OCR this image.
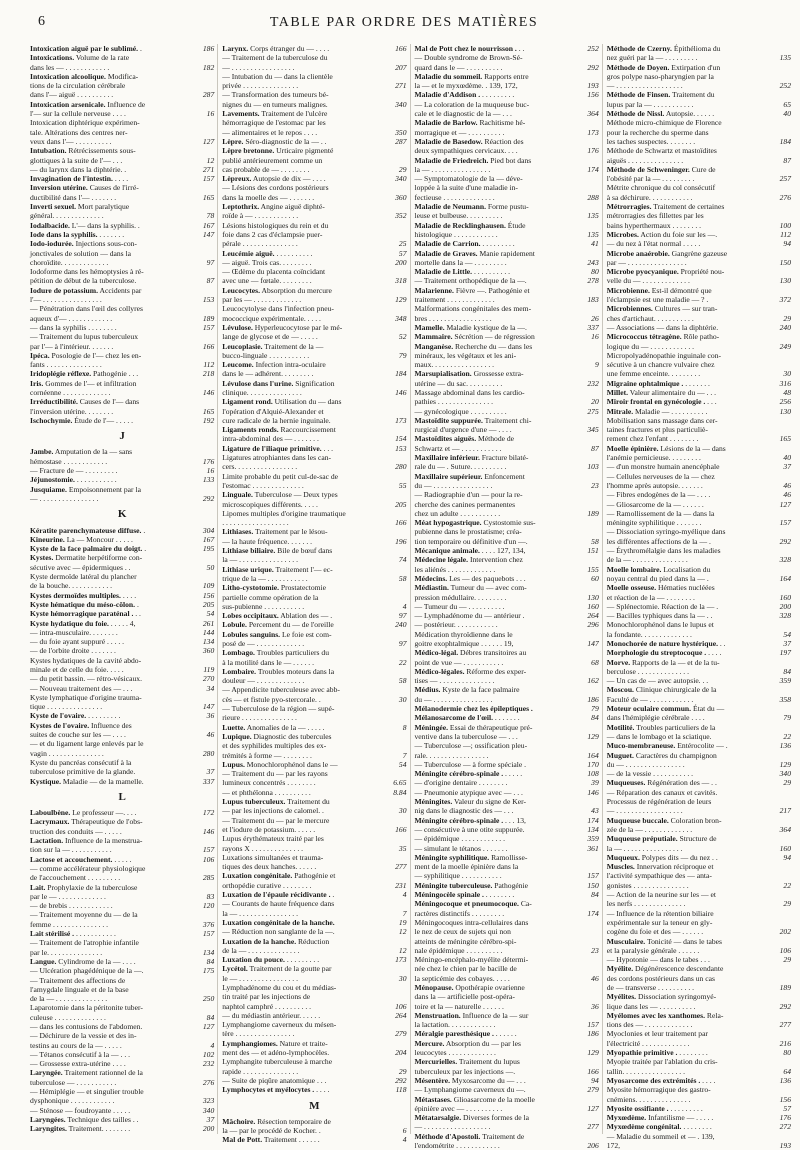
6	TABLE PAR ORDRE DES MATIÈRES
Intoxication aiguë par le sublimé. .	186
Intoxications. Volume de la rate
dans les — . . . . . . . . . . . .	182
Intoxication alcoolique. Modifica-
tions de la circulation cérébrale
dans l'— aiguë . . . . . . . . . .	287
Intoxication arsenicale. Influence de
l'— sur la cellule nerveuse . . . .	16
Intoxication diphtérique expérimen-
tale. Altérations des centres ner-
veux dans l'— . . . . . . . . . .	127
Intubation. Rétrécissements sous-
glottiques à la suite de l'— . . .	12
— du larynx dans la diphtérie. .	271
Invagination de l'intestin. . . . .	157
Inversion utérine. Causes de l'irré-
ductibilité dans l'— . . . . . . .	165
Inverti sexuel. Mort paralytique
général. . . . . . . . . . . . . .	78
Iodalbacide. L'— dans la syphilis. .	167
Iode dans la syphilis. . . . . . . .	147
Iodo-iodurée. Injections sous-con-
jonctivales de solution — dans la
choroïdite. . . . . . . . . . . . .	97
Iodoforme dans les hémoptysies à ré-
pétition de début de la tuberculose.	87
Iodure de potassium. Accidents par
l'— . . . . . . . . . . . . . . . .	153
— Pénétration dans l'œil des collyres
aqueux d'— . . . . . . . . . . . .	189
— dans la syphilis . . . . . . . .	157
— Traitement du lupus tuberculeux
par l'— à l'intérieur. . . . . . .	166
Ipéca. Posologie de l'— chez les en-
fants . . . . . . . . . . . . . . .	112
Iridoplégie réflexe. Pathogénie . . .	218
Iris. Gommes de l'— et infiltration
cornéenne . . . . . . . . . . . . .	146
Irréductibilité. Causes de l'— dans
l'inversion utérine. . . . . . . .	165
Ischochymie. Étude de l'— . . . . .	192
J
Jambe. Amputation de la — sans
hémostase . . . . . . . . . . . .	176
— Fracture de — . . . . . . . . .	16
Jéjunostomie. . . . . . . . . . . .	133
Jusquiame. Empoisonnement par la
— . . . . . . . . . . . . . . . .	292
K
Kératite parenchymateuse diffuse. .	304
Kineurine. La — Moncour . . . . .	167
Kyste de la face palmaire du doigt. .	195
Kystes. Dermatite herpétiforme con-
sécutive avec — épidermiques . .	50
Kyste dermoïde latéral du plancher
de la bouche. . . . . . . . . . . .	109
Kystes dermoïdes multiples. . . . .	156
Kyste hématique du méso-côlon. .	205
Kyste hémorragique paraténal . . .	54
Kyste hydatique du foie. . . . . . 4,	261
— intra-musculaire. . . . . . . .	144
— du foie ayant suppuré . . . . .	134
— de l'orbite droite . . . . . . .	360
Kystes hydatiques de la cavité abdo-
minale et de celle du foie. . . . .	119
— du petit bassin. — rétro-vésicaux.	270
— Nouveau traitement des — . . .	34
Kyste lymphatique d'origine trauma-
tique . . . . . . . . . . . . . . .	147
Kyste de l'ovaire. . . . . . . . . .	36
Kystes de l'ovaire. Influence des
suites de couche sur les — . . . .	46
— et du ligament large enlevés par le
vagin . . . . . . . . . . . . . . .	280
Kyste du pancréas consécutif à la
tuberculose primitive de la glande.	37
Kystique. Maladie — de la mamelle.	337
L
Laboulbène. Le professeur —. . . .	172
Lacrymaux. Thérapeutique de l'obs-
truction des conduits — . . . . .	146
Lactation. Influence de la menstrua-
tion sur la — . . . . . . . . . . .	157
Lactose et accouchement. . . . . .	106
— comme accélérateur physiologique
de l'accouchement . . . . . . . . .	285
Lait. Prophylaxie de la tuberculose
par le — . . . . . . . . . . . . .	83
— de brebis . . . . . . . . . . . .	120
— Traitement moyenne du — de la
femme . . . . . . . . . . . . . . .	376
Lait stérilisé . . . . . . . . . . . .	157
— Traitement de l'atrophie infantile
par le. . . . . . . . . . . . . . .	134
Langue. Cylindrome de la — . . . .	84
— Ulcération phagédénique de la —.	175
— Traitement des affections de
l'amygdale linguale et de la base
de la — . . . . . . . . . . . . . .	250
Laparotomie dans la péritonite tuber-
culeuse . . . . . . . . . . . . . .	84
— dans les contusions de l'abdomen.	127
— Déchirure de la vessie et des in-
testins au cours de la — . . . . .	4
— Tétanos consécutif à la — . . .	102
— Grossesse extra-utérine . . . .	232
Laryngée. Traitement rationnel de la
tuberculose — . . . . . . . . . . .	276
— Hémiplégie — et singulier trouble
dysphonique . . . . . . . . . . . .	323
— Sténose — foudroyante . . . . .	340
Laryngées. Technique des tailles . .	37
Laryngites. Traitement. . . . . . . .	200
Larynx. Corps étranger du — . . . .	166
— Traitement de la tuberculose du
— . . . . . . . . . . . . . . . . .	207
— Intubation du — dans la clientèle
privée . . . . . . . . . . . . . . .	271
— Transformation des tumeurs bé-
nignes du — en tumeurs malignes.	340
Lavements. Traitement de l'ulcère
hémorragique de l'estomac par les
— alimentaires et le repos . . . .	350
Lèpre. Séro-diagnostic de la — . .	287
Lèpre bretonne. Urticaire pigmenté
publié antérieurement comme un
cas probable de — . . . . . . . .	29
Lèpreux. Autopsie de dix — . . . .	340
— Lésions des cordons postérieurs
dans la moelle des — . . . . . . .	360
Leptothrix. Angine aiguë diphté-
roïde à — . . . . . . . . . . . .	352
Lésions histologiques du rein et du
foie dans 2 cas d'éclampsie puer-
pérale . . . . . . . . . . . . . . .	25
Leucémie aiguë. . . . . . . . . . .	57
— aiguë. Trois cas. . . . . . . . .	200
— Œdème du placenta coïncidant
avec une — fœtale. . . . . . . . .	318
Leucocytes. Absorption du mercure
par les — . . . . . . . . . . . . .	129
Leucocytolyse dans l'infection pneu-
mococcique expérimentale. . . . .	348
Lévulose. Hyperleucocytose par le mé-
lange de glycose et de — . . . . .	52
Leucoplasie. Traitement de la —
bucco-linguale . . . . . . . . . . .	79
Leucome. Infection intra-oculaire
dans le — adhérent. . . . . . . . .	184
Lévulose dans l'urine. Signification
clinique. . . . . . . . . . . . . . .	146
Ligament rond. Utilisation du — dans
l'opération d'Alquié-Alexander et
cure radicale de la hernie inguinale.	173
Ligaments ronds. Raccourcissement
intra-abdominal des — . . . . . . .	154
Ligature de l'iliaque primitive. . . .	153
Ligatures atrophiantes dans les can-
cers. . . . . . . . . . . . . . . . .	280
Limite probable du petit cul-de-sac de
l'estomac . . . . . . . . . . . . . .	55
Linguale. Tuberculose — Deux types
microscopiques différents. . . . .	205
Lipomes multiples d'origine traumatique
. . . . . . . . . . . . . . . . . .	166
Lithiases. Traitement par le lésou-
— la haute fréquence. . . . . . .	196
Lithiase biliaire. Bile de bœuf dans
la — . . . . . . . . . . . . . . . .	74
Lithiase urique. Traitement l'— ec-
trique de la — . . . . . . . . . . .	58
Litho-cystotomie. Prostatectomie
partielle comme opération de la
sus-pubienne . . . . . . . . . . .	4
Lobes occipitaux. Ablation des — .	97
Lobule. Percement du — de l'oreille	240
Lobules sanguins. Le foie est com-
posé de — . . . . . . . . . . . . .	97
Lombago. Troubles particuliers du
à la motilité dans le — . . . . . .	22
Lombaire. Troubles moteurs dans la
douleur — . . . . . . . . . . . . .	58
— Appendicite tuberculeuse avec abb-
cès — et fistule pyo-stercorale. .	30
— Tuberculose de la région — supé-
rieure . . . . . . . . . . . . . . .
Luette. Anomalies de la — . . . . .	8
Lupique. Diagnostic des tubercules
et des syphilides multiples des ex-
trémités à forme — . . . . . . . .	7
Lupus. Monochlorophénol dans le —	54
— Traitement du — par les rayons
lumineux concentrés . . . . . . . .	6.65
— et phthéïonna . . . . . . . . . .	8.84
Lupus tuberculeux. Traitement du
— par les injections de calomel. .	30
— Traitement du — par le mercure
et l'iodure de potassium. . . . . .	166
Lupus érythémateux traité par les
rayons X . . . . . . . . . . . . . .	35
Luxations simultanées et trauma-
tiques des deux hanches. . . . . .	277
Luxation congénitale. Pathogénie et
orthopédie curative . . . . . . . .	231
Luxation de l'épaule récidivante . .	4
— Courants de haute fréquence dans
la — . . . . . . . . . . . . . . . .	7
Luxation congénitale de la hanche.	19
— Réduction non sanglante de la —.	12
Luxation de la hanche. Réduction
de la — . . . . . . . . . . . . . .	12
Luxation du pouce. . . . . . . . . .	173
Lycétol. Traitement de la goutte par
le — . . . . . . . . . . . . . . . .	30
Lymphadénome du cou et du médias-
tin traité par les injections de
naphtol camphré . . . . . . . . . .	106
— du médiastin antérieur. . . . . .	264
Lymphangiome caverneux du mésen-
tère . . . . . . . . . . . . . . . .	279
Lymphangiomes. Nature et traite-
ment des — et adéno-lymphocèles.	204
Lymphangite tuberculeuse à marche
rapide . . . . . . . . . . . . . . .	29
— Suite de piqûre anatomique . . .	292
Lymphocytes et myélocytes . . . . .	118
M
Mâchoire. Résection temporaire de
la — par le procédé de Kocher. .	6
Mal de Pott. Traitement . . . . . .	4
Mal de Pott chez le nourrisson . . .	252
— Double syndrome de Brown-Sé-
quard dans le — . . . . . . . . . .	292
Maladie du sommeil. Rapports entre
la — et le myxœdème. . 139, 172,	193
Maladie d'Addison . . . . . . . . . .	156
— La coloration de la muqueuse buc-
cale et le diagnostic de la — . . .	364
Maladie de Barlow. Rachitisme hé-
morragique et — . . . . . . . . . .	173
Maladie de Basedow. Réaction des
deux sympathiques cervicaux. . . .	176
Maladie de Friedreich. Pied bot dans
la — . . . . . . . . . . . . . . . .	174
— Symptomatologie de la — déve-
loppée à la suite d'une maladie in-
fectieuse . . . . . . . . . . . . . .	288
Maladie de Neumann. Forme pustu-
leuse et bulbeuse. . . . . . . . . .	135
Maladie de Recklinghausen. Étude
histologique . . . . . . . . . . . .	135
Maladie de Carrion. . . . . . . . . .	41
Maladie de Graves. Manie rapidement
mortelle dans la — . . . . . . . . .	243
Maladie de Little. . . . . . . . . . .	80
— Traitement orthopédique de la —.	278
Malarienne. Fièvre —. Pathogénie et
traitement . . . . . . . . . . . . .	183
Malformations congénitales des mem-
bres . . . . . . . . . . . . . . . . .	26
Mamelle. Maladie kystique de la —.	337
Mammaire. Sécrétion — de régression	16
Manganèse. Recherche du — dans les
minéraux, les végétaux et les ani-
maux. . . . . . . . . . . . . . . . .	9
Marsupialisation. Grossesse extra-
utérine — du sac. . . . . . . . . .	232
Massage abdominal dans les cardio-
pathies . . . . . . . . . . . . . . .	20
— gynécologique . . . . . . . . . .	275
Mastoïdite suppurée. Traitement chi-
rurgical d'urgence d'une — . . . .	345
Mastoïdites aiguës. Méthode de
Schwartz et — . . . . . . . . . . .	87
Maxillaire inférieur. Fracture bilaté-
rale du — . Suture. . . . . . . . . .	103
Maxillaire supérieur. Enfoncement
du — . . . . . . . . . . . . . . . .	23
— Radiographie d'un — pour la re-
cherche des canines permanentes
chez un adulte . . . . . . . . . . .	189
Méat hypogastrique. Cystostomie sus-
pubienne dans le prostatisme; créa-
tion temporaire ou définitive d'un —.	58
Mécanique animale. . . . . 127, 134,	151
Médecine légale. Intervention chez
les aliénés . . . . . . . . . . . . .	155
Médecins. Les — des paquebots . . .	60
Médiastin. Tumeur du — avec com-
pression médullaire. . . . . . . . .	130
— Tumeur du — . . . . . . . . . .	160
— Lymphadénome du — antérieur .	264
— postérieur. . . . . . . . . . . .	296
Médication thyroïdienne dans le
goitre exophtalmique . . . . . . 19,	147
Médico-légal. Débres transitoires au
point de vue — . . . . . . . . . . .	68
Médico-légales. Réforme des exper-
tises — . . . . . . . . . . . . . . .	162
Médius. Kyste de la face palmaire
du — . . . . . . . . . . . . . . . .	186
Mélanodermie chez les épileptiques .	79
Mélanosarcome de l'œil. . . . . . . .	84
Méningée. Essai de thérapeutique pré-
ventive dans la tuberculose — . . .	129
— Tuberculose —; ossification pleu-
rale. . . . . . . . . . . . . . . . .	164
— Tuberculose — à forme spéciale .	170
Méningite cérébro-spinale . . . . . .	108
— d'origine dentaire . . . . . . . .	39
— Pneumonie atypique avec — . . .	146
Méningites. Valeur du signe de Ker-
nig dans le diagnostic des — . . .	43
Méningite cérébro-spinale . . . . 13,	174
— consécutive à une otite suppurée.	134
— épidémique . . . . . . . . . . . .	359
— simulant le tétanos . . . . . . .	361
Méningite syphilitique. Ramollisse-
ment de la moelle épinière dans la
— syphilitique . . . . . . . . . . .	157
Méningite tuberculeuse. Pathogénie	150
Méningocèle spinale . . . . . . . . .	84
Méningocoque et pneumocoque. Ca-
ractères distinctifs . . . . . . . . .	174
Méningocoques intra-cellulaires dans
le nez de ceux de sujets qui non
atteints de méningite cérébro-spi-
nale épidémique . . . . . . . . . .	23
Méningo-encéphalo-myélite détermi-
née chez le chien par le bacille de
la septicémie des cobayes. . . . .	46
Ménopause. Opothérapie ovarienne
dans la — artificielle post-opéra-
toire et la — naturelle . . . . . .	36
Menstruation. Influence de la — sur
la lactation. . . . . . . . . . . . .	157
Méralgie paresthésique . . . . . . .	186
Mercure. Absorption du — par les
leucocytes . . . . . . . . . . . . .	129
Mercurielles. Traitement du lupus
tuberculeux par les injections —.	166
Mésentère. Myxosarcome du — . . .	94
— Lymphangiome caverneux du —.	279
Métastases. Glioasarcome de la moelle
épinière avec — . . . . . . . . . .	127
Métatarsalgie. Diverses formes de la
— . . . . . . . . . . . . . . . . . .	277
Méthode d'Apostoli. Traitement de
l'endométrite . . . . . . . . . . . .	206
Méthode de Czerny. Épithélioma du
nez guéri par la — . . . . . . . . .	135
Méthode de Doyen. Extirpation d'un
gros polype naso-pharyngien par la
— . . . . . . . . . . . . . . . . . .	252
Méthode de Finsen. Traitement du
lupus par la — . . . . . . . . . . .	65
Méthode de Nissl. Autopsie. . . . . .	40
Méthode micro-chimique de Florence
pour la recherche du sperme dans
les taches suspectes. . . . . . . .	184
Méthode de Schwartz et mastoïdites
aiguës . . . . . . . . . . . . . . .	87
Méthode de Schweninger. Cure de
l'obésité par la — . . . . . . . . .	257
Métrite chronique du col consécutif
à sa déchirure. . . . . . . . . . . .	276
Métrorragies. Traitement de certaines
métrorragies des fillettes par les
bains hyperthermaux . . . . . . . .	100
Microbes. Action du foie sur les —.	112
— du nez à l'état normal . . . . .	94
Microbe anaérobie. Gangrène gazeuse
par — . . . . . . . . . . . . . . . .	150
Microbe pyocyanique. Propriété nou-
velle du — . . . . . . . . . . . . .	130
Microbienne. Est-il démontré que
l'éclampsie est une maladie — ? .	372
Microbiennes. Cultures — sur tran-
ches d'artichaut. . . . . . . . . . .	29
— Associations — dans la diphtérie.	240
Micrococcus tétragène. Rôle patho-
logique du — . . . . . . . . . . . .	249
Micropolyadénopathie inguinale con-
sécutive à un chancre vulvaire chez
une femme enceinte. . . . . . . . .	30
Migraine ophtalmique . . . . . . . .	316
Millet. Valeur alimentaire du — . . .	48
Miroir frontal en gynécologie . . . .	256
Mitrale. Maladie — . . . . . . . . . .	130
Mobilisation sans massage dans cer-
taines fractures et plus particuliè-
rement chez l'enfant . . . . . . . .	165
Moelle épinière. Lésions de la — dans
l'anémie pernicieuse. . . . . . . . .	40
— d'un monstre humain anencéphale	37
— Cellules nerveuses de la — chez
l'homme après autopsie. . . . . . .	46
— Fibres endogènes de la — . . . .	46
— Gliosarcome de la — . . . . . .	127
— Ramollissement de la — dans la
méningite syphilitique . . . . . . .	157
— Dissociation syringo-myélique dans
les différentes affections de la — .	292
— Érythromélalgie dans les maladies
de la — . . . . . . . . . . . . . . .	328
Moelle lombaire. Localisation du
noyau central du pied dans la — .	164
Moelle osseuse. Hématies nucléées
et réaction de la — . . . . . . . .	160
— Splénectomie. Réaction de la — .	200
— Bacilles typhiques dans la — . .	328
Monochlorophénol dans le lupus et
la fondante. . . . . . . . . . . . . .	54
Monochorée de nature hystérique. . .	37
Morphologie du streptocoque . . . . .	197
Morve. Rapports de la — et de la tu-
berculose . . . . . . . . . . . . . .	84
— Un cas de — avec autopsie. . .	359
Moscou. Clinique chirurgicale de la
Faculté de — . . . . . . . . . . . .	358
Moteur oculaire commun. État du —
dans l'hémiplégie cérébrale . . . .	79
Motilité. Troubles particuliers de la
— dans le lombago et la sciatique.	22
Muco-membraneuse. Entérocolite — .	136
Muguet. Caractères du champignon
du — . . . . . . . . . . . . . . . .	129
— de la vessie . . . . . . . . . . .	340
Muqueuses. Régénération des — . .	29
— Réparation des canaux et cavités.
Processus de régénération de leurs
— . . . . . . . . . . . . . . . . . .	217
Muqueuse buccale. Coloration bron-
zée de la — . . . . . . . . . . . . .	364
Muqueuse préputiale. Structure de
la — . . . . . . . . . . . . . . . .	160
Muqueux. Polypes dits — du nez . .	94
Muscles. Innervation réciproque et
l'activité sympathique des — anta-
gonistes . . . . . . . . . . . . . . .	22
— Action de la neurine sur les — et
les nerfs . . . . . . . . . . . . . .	29
— Influence de la rétention biliaire
expérimentale sur la teneur en gly-
cogène du foie et des — . . . . . .	202
Musculaire. Tonicité — dans le tabes
et la paralysie générale . . . . . .	106
— Hypotonie — dans le tabes . . .	29
Myélite. Dégénérescence descendante
des cordons postérieurs dans un cas
de — transverse . . . . . . . . . .	189
Myélites. Dissociation syringomyé-
lique dans les — . . . . . . . . . .	292
Myélomes avec les xanthomes. Rela-
tions des — . . . . . . . . . . . . .	277
Myoclonies et leur traitement par
l'électricité . . . . . . . . . . . . .	216
Myopathie primitive . . . . . . . . .	80
Myopie traitée par l'ablation du cris-
tallin. . . . . . . . . . . . . . . . .	64
Myosarcome des extrémités . . . . .	136
Myosite hémorragique des gastro-
cnémiens. . . . . . . . . . . . . . .	156
Myosite ossifiante . . . . . . . . . .	57
Myxœdème. Infantilisme — . . . . .	176
Myxœdème congénital. . . . . . . . .	272
— Maladie du sommeil et — . 139,
172,	193
